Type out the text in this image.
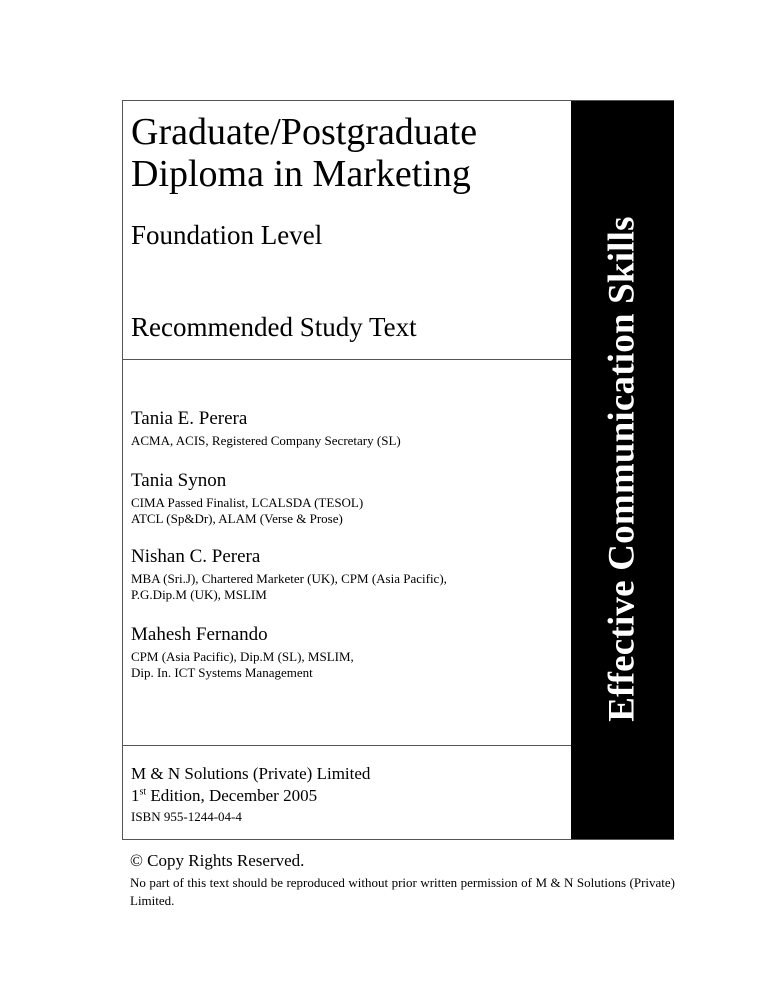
Graduate/Postgraduate
Diploma in Marketing
Foundation Level
Recommended Study Text
Tania E. Perera
ACMA, ACIS, Registered Company Secretary (SL)
Tania Synon
CIMA Passed Finalist, LCALSDA (TESOL)
ATCL (Sp&Dr), ALAM (Verse & Prose)
Nishan C. Perera
MBA (Sri.J), Chartered Marketer (UK), CPM (Asia Pacific),
P.G.Dip.M (UK), MSLIM
Mahesh Fernando
CPM (Asia Pacific), Dip.M (SL), MSLIM,
Dip. In. ICT Systems Management
M & N Solutions (Private) Limited
1st Edition, December 2005
ISBN 955-1244-04-4
Effective Communication Skills
© Copy Rights Reserved.
No part of this text should be reproduced without prior written permission of M & N Solutions (Private) Limited.
